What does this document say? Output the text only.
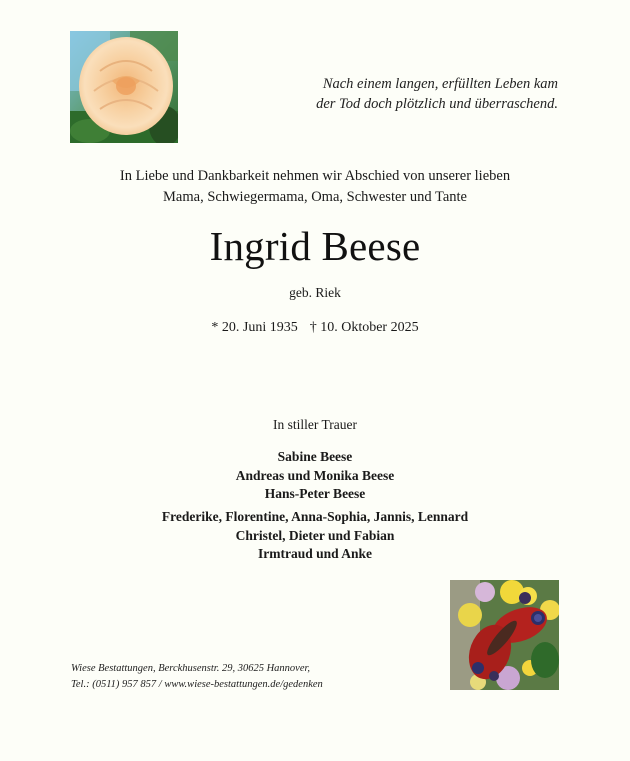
Nach einem langen, erfüllten Leben kam
der Tod doch plötzlich und überraschend.
In Liebe und Dankbarkeit nehmen wir Abschied von unserer lieben
Mama, Schwiegermama, Oma, Schwester und Tante
Ingrid Beese
geb. Riek
* 20. Juni 1935 † 10. Oktober 2025
In stiller Trauer
Sabine Beese
Andreas und Monika Beese
Hans-Peter Beese
Frederike, Florentine, Anna-Sophia, Jannis, Lennard
Christel, Dieter und Fabian
Irmtraud und Anke
Wiese Bestattungen, Berckhusenstr. 29, 30625 Hannover,
Tel.: (0511) 957 857 / www.wiese-bestattungen.de/gedenken
